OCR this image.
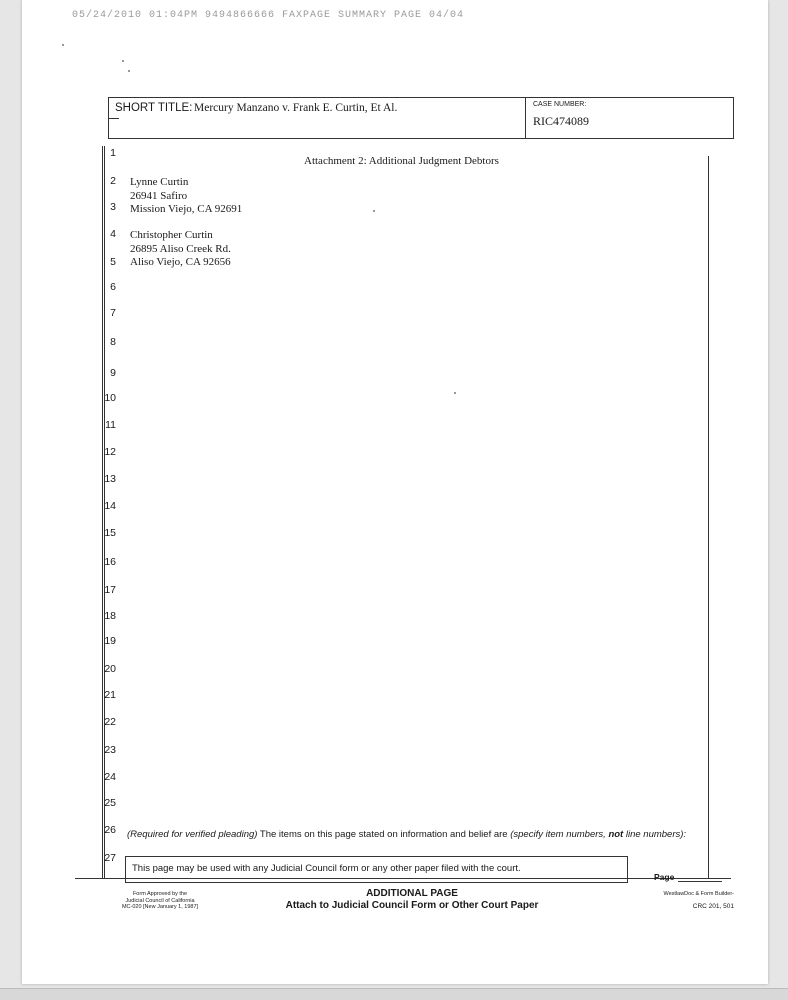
05/24/2010 01:04PM 9494866666 FAXPAGE SUMMARY PAGE 04/04
SHORT TITLE: Mercury Manzano v. Frank E. Curtin, Et Al.	CASE NUMBER:
RIC474089
1
2
3
4
5
6
7
8
9
10
11
12
13
14
15
16
17
18
19
20
21
22
23
24
25
26
27
Attachment 2: Additional Judgment Debtors
Lynne Curtin
26941 Safiro
Mission Viejo, CA 92691
Christopher Curtin
26895 Aliso Creek Rd.
Aliso Viejo, CA 92656
(Required for verified pleading) The items on this page stated on information and belief are (specify item numbers, not line numbers):
This page may be used with any Judicial Council form or any other paper filed with the court.
Page
Form Approved by the
Judicial Council of California
MC-020 [New January 1, 1987]
ADDITIONAL PAGE
Attach to Judicial Council Form or Other Court Paper
WestlawDoc & Form Builder-
CRC 201, 501
